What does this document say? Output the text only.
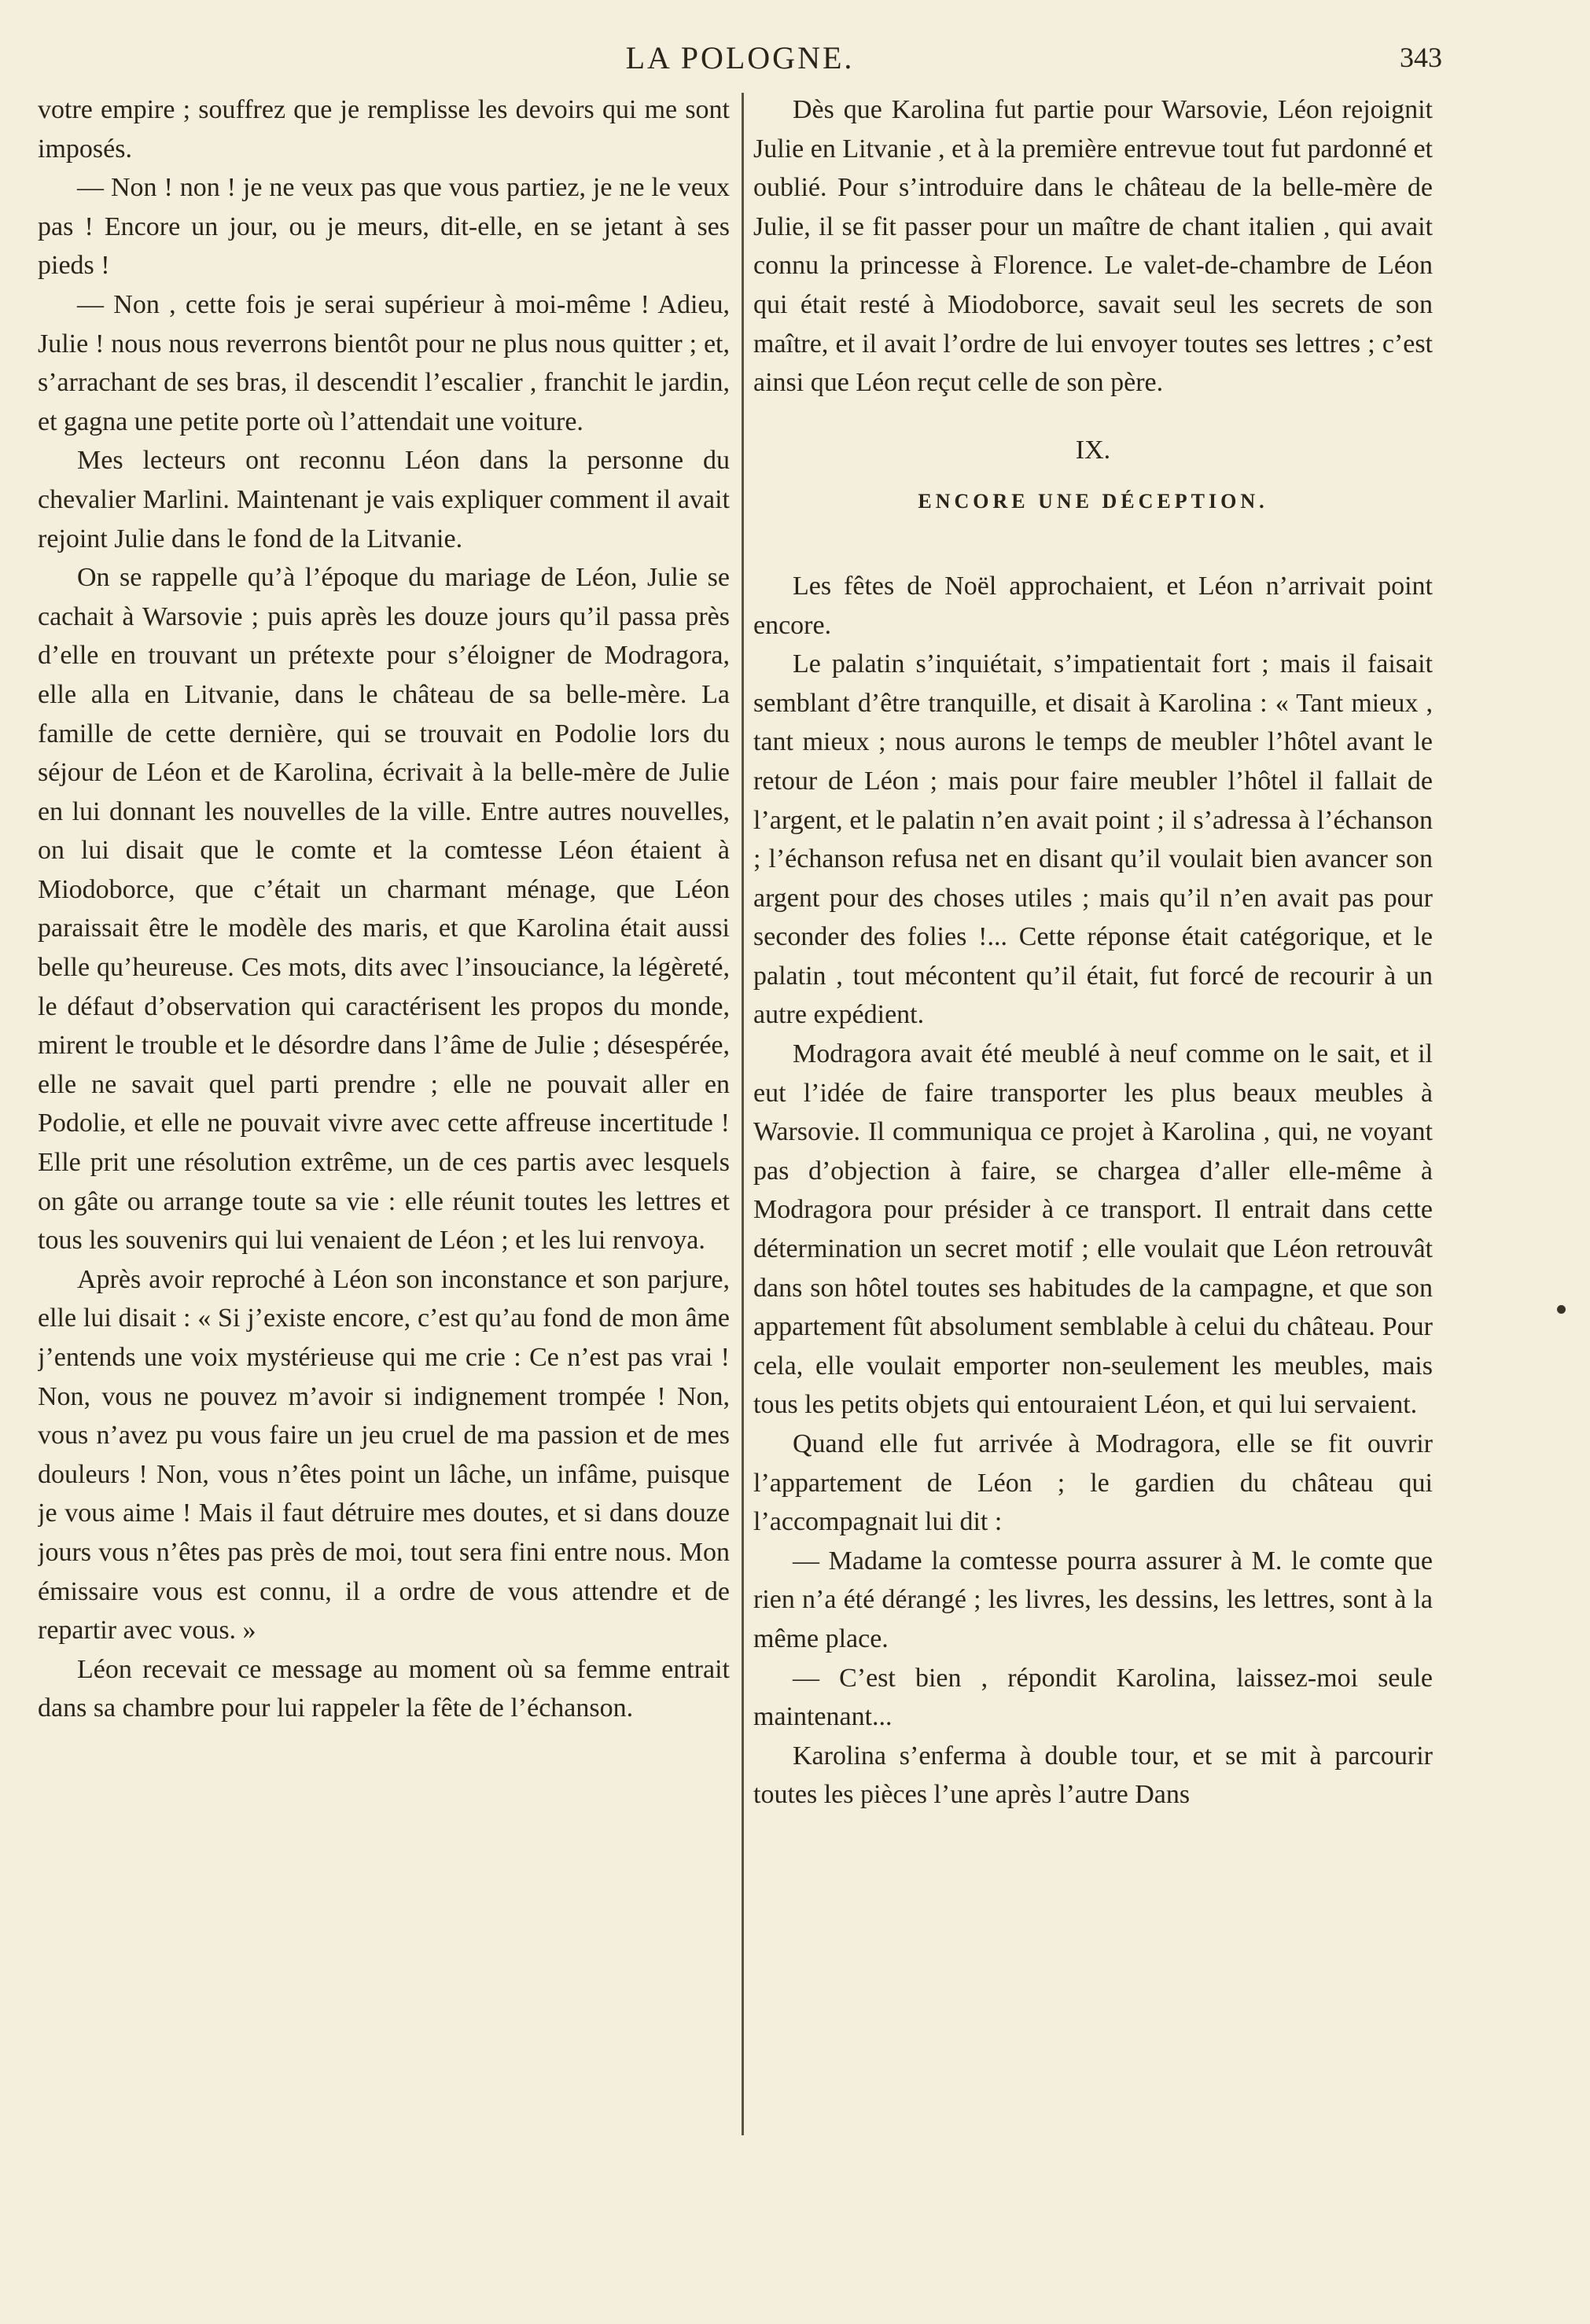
LA POLOGNE.	343

votre empire ; souffrez que je remplisse les devoirs qui me sont imposés.

— Non ! non ! je ne veux pas que vous partiez, je ne le veux pas ! Encore un jour, ou je meurs, dit-elle, en se jetant à ses pieds !

— Non , cette fois je serai supérieur à moi-même ! Adieu, Julie ! nous nous reverrons bientôt pour ne plus nous quitter ; et, s’arrachant de ses bras, il descendit l’escalier , franchit le jardin, et gagna une petite porte où l’attendait une voiture.

Mes lecteurs ont reconnu Léon dans la personne du chevalier Marlini. Maintenant je vais expliquer comment il avait rejoint Julie dans le fond de la Litvanie.

On se rappelle qu’à l’époque du mariage de Léon, Julie se cachait à Warsovie ; puis après les douze jours qu’il passa près d’elle en trouvant un prétexte pour s’éloigner de Modragora, elle alla en Litvanie, dans le château de sa belle-mère. La famille de cette dernière, qui se trouvait en Podolie lors du séjour de Léon et de Karolina, écrivait à la belle-mère de Julie en lui donnant les nouvelles de la ville. Entre autres nouvelles, on lui disait que le comte et la comtesse Léon étaient à Miodoborce, que c’était un charmant ménage, que Léon paraissait être le modèle des maris, et que Karolina était aussi belle qu’heureuse. Ces mots, dits avec l’insouciance, la légèreté, le défaut d’observation qui caractérisent les propos du monde, mirent le trouble et le désordre dans l’âme de Julie ; désespérée, elle ne savait quel parti prendre ; elle ne pouvait aller en Podolie, et elle ne pouvait vivre avec cette affreuse incertitude ! Elle prit une résolution extrême, un de ces partis avec lesquels on gâte ou arrange toute sa vie : elle réunit toutes les lettres et tous les souvenirs qui lui venaient de Léon ; et les lui renvoya.

Après avoir reproché à Léon son inconstance et son parjure, elle lui disait : « Si j’existe encore, c’est qu’au fond de mon âme j’entends une voix mystérieuse qui me crie : Ce n’est pas vrai ! Non, vous ne pouvez m’avoir si indignement trompée ! Non, vous n’avez pu vous faire un jeu cruel de ma passion et de mes douleurs ! Non, vous n’êtes point un lâche, un infâme, puisque je vous aime ! Mais il faut détruire mes doutes, et si dans douze jours vous n’êtes pas près de moi, tout sera fini entre nous. Mon émissaire vous est connu, il a ordre de vous attendre et de repartir avec vous. »

Léon recevait ce message au moment où sa femme entrait dans sa chambre pour lui rappeler la fête de l’échanson.

Dès que Karolina fut partie pour Warsovie, Léon rejoignit Julie en Litvanie , et à la première entrevue tout fut pardonné et oublié. Pour s’introduire dans le château de la belle-mère de Julie, il se fit passer pour un maître de chant italien , qui avait connu la princesse à Florence. Le valet-de-chambre de Léon qui était resté à Miodoborce, savait seul les secrets de son maître, et il avait l’ordre de lui envoyer toutes ses lettres ; c’est ainsi que Léon reçut celle de son père.

IX.
ENCORE UNE DÉCEPTION.

Les fêtes de Noël approchaient, et Léon n’arrivait point encore.

Le palatin s’inquiétait, s’impatientait fort ; mais il faisait semblant d’être tranquille, et disait à Karolina : « Tant mieux , tant mieux ; nous aurons le temps de meubler l’hôtel avant le retour de Léon ; mais pour faire meubler l’hôtel il fallait de l’argent, et le palatin n’en avait point ; il s’adressa à l’échanson ; l’échanson refusa net en disant qu’il voulait bien avancer son argent pour des choses utiles ; mais qu’il n’en avait pas pour seconder des folies !... Cette réponse était catégorique, et le palatin , tout mécontent qu’il était, fut forcé de recourir à un autre expédient.

Modragora avait été meublé à neuf comme on le sait, et il eut l’idée de faire transporter les plus beaux meubles à Warsovie. Il communiqua ce projet à Karolina , qui, ne voyant pas d’objection à faire, se chargea d’aller elle-même à Modragora pour présider à ce transport. Il entrait dans cette détermination un secret motif ; elle voulait que Léon retrouvât dans son hôtel toutes ses habitudes de la campagne, et que son appartement fût absolument semblable à celui du château. Pour cela, elle voulait emporter non-seulement les meubles, mais tous les petits objets qui entouraient Léon, et qui lui servaient.

Quand elle fut arrivée à Modragora, elle se fit ouvrir l’appartement de Léon ; le gardien du château qui l’accompagnait lui dit :

— Madame la comtesse pourra assurer à M. le comte que rien n’a été dérangé ; les livres, les dessins, les lettres, sont à la même place.

— C’est bien , répondit Karolina, laissez-moi seule maintenant...

Karolina s’enferma à double tour, et se mit à parcourir toutes les pièces l’une après l’autre Dans
